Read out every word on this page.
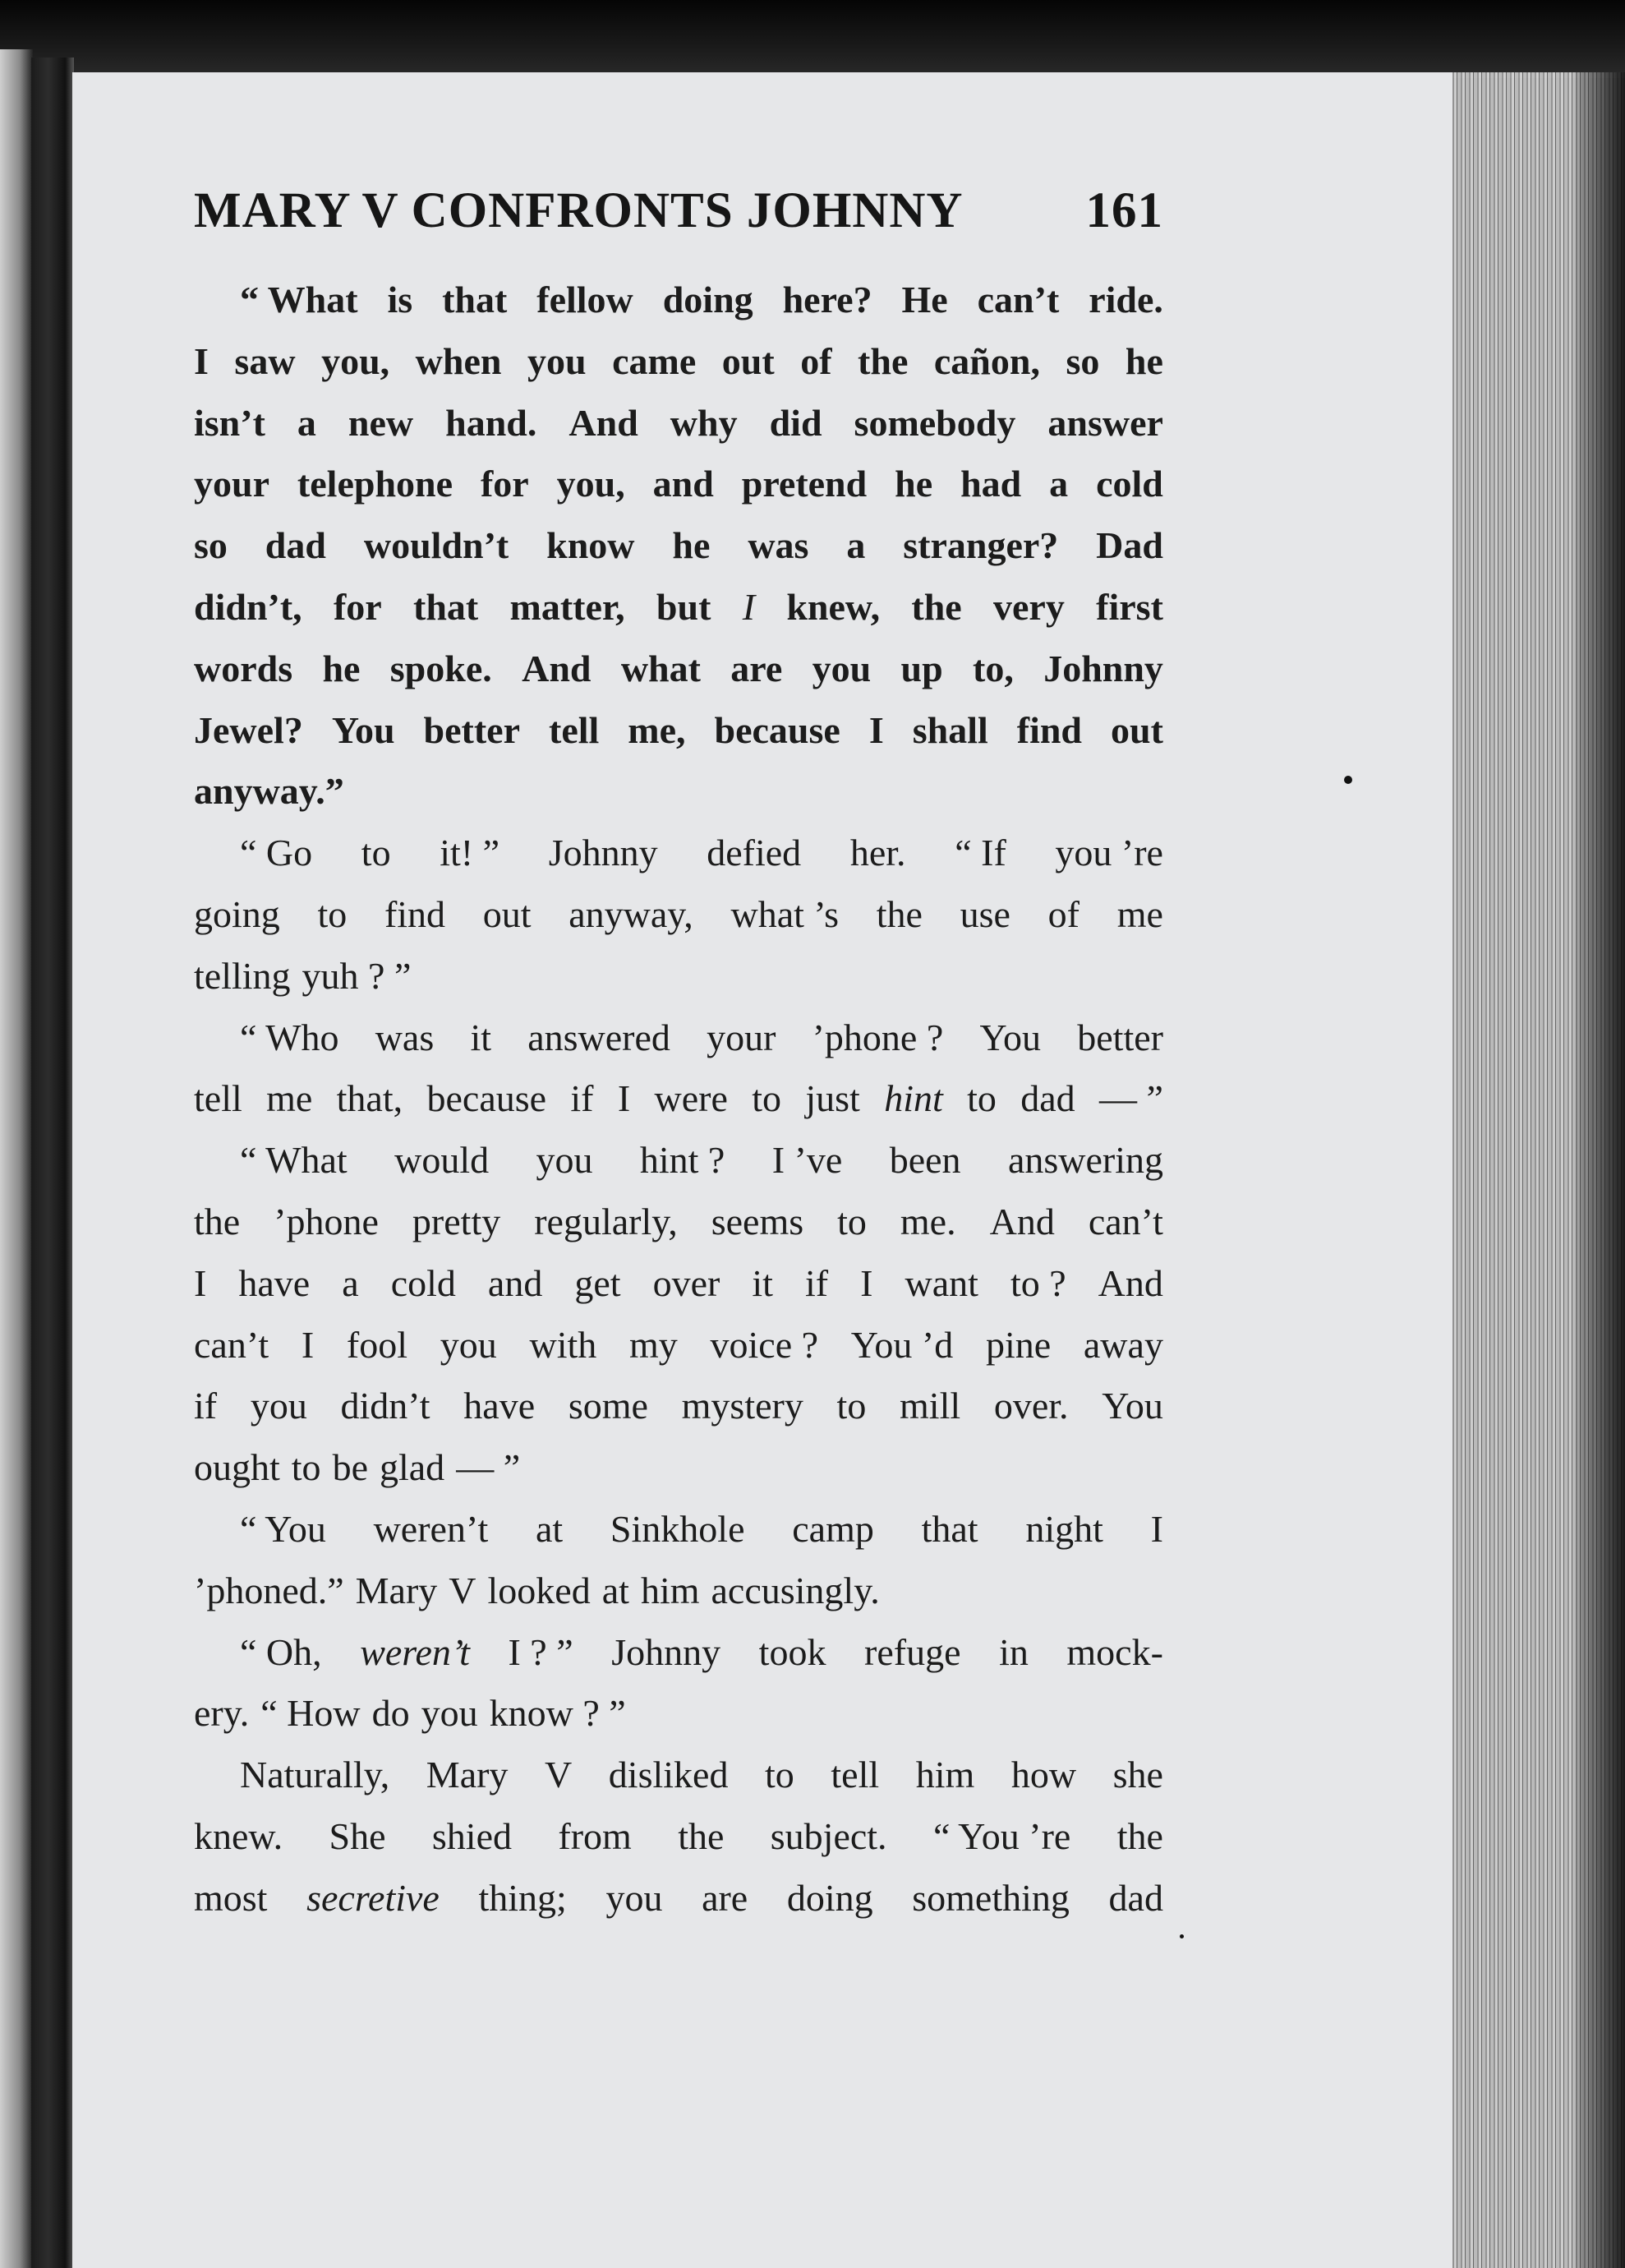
MARY V CONFRONTS JOHNNY 161
“ What is that fellow doing here? He can’t ride.
I saw you, when you came out of the cañon, so he
isn’t a new hand. And why did somebody answer
your telephone for you, and pretend he had a cold
so dad wouldn’t know he was a stranger? Dad
didn’t, for that matter, but I knew, the very first
words he spoke. And what are you up to, Johnny
Jewel? You better tell me, because I shall find out
anyway.”
“ Go to it! ” Johnny defied her. “ If you ’re
going to find out anyway, what ’s the use of me
telling yuh ? ”
“ Who was it answered your ’phone ? You better
tell me that, because if I were to just hint to dad — ”
“ What would you hint ? I ’ve been answering
the ’phone pretty regularly, seems to me. And can’t
I have a cold and get over it if I want to ? And
can’t I fool you with my voice ? You ’d pine away
if you didn’t have some mystery to mill over. You
ought to be glad — ”
“ You weren’t at Sinkhole camp that night I
’phoned.” Mary V looked at him accusingly.
“ Oh, weren’t I ? ” Johnny took refuge in mock-
ery. “ How do you know ? ”
Naturally, Mary V disliked to tell him how she
knew. She shied from the subject. “ You ’re the
most secretive thing; you are doing something dad
